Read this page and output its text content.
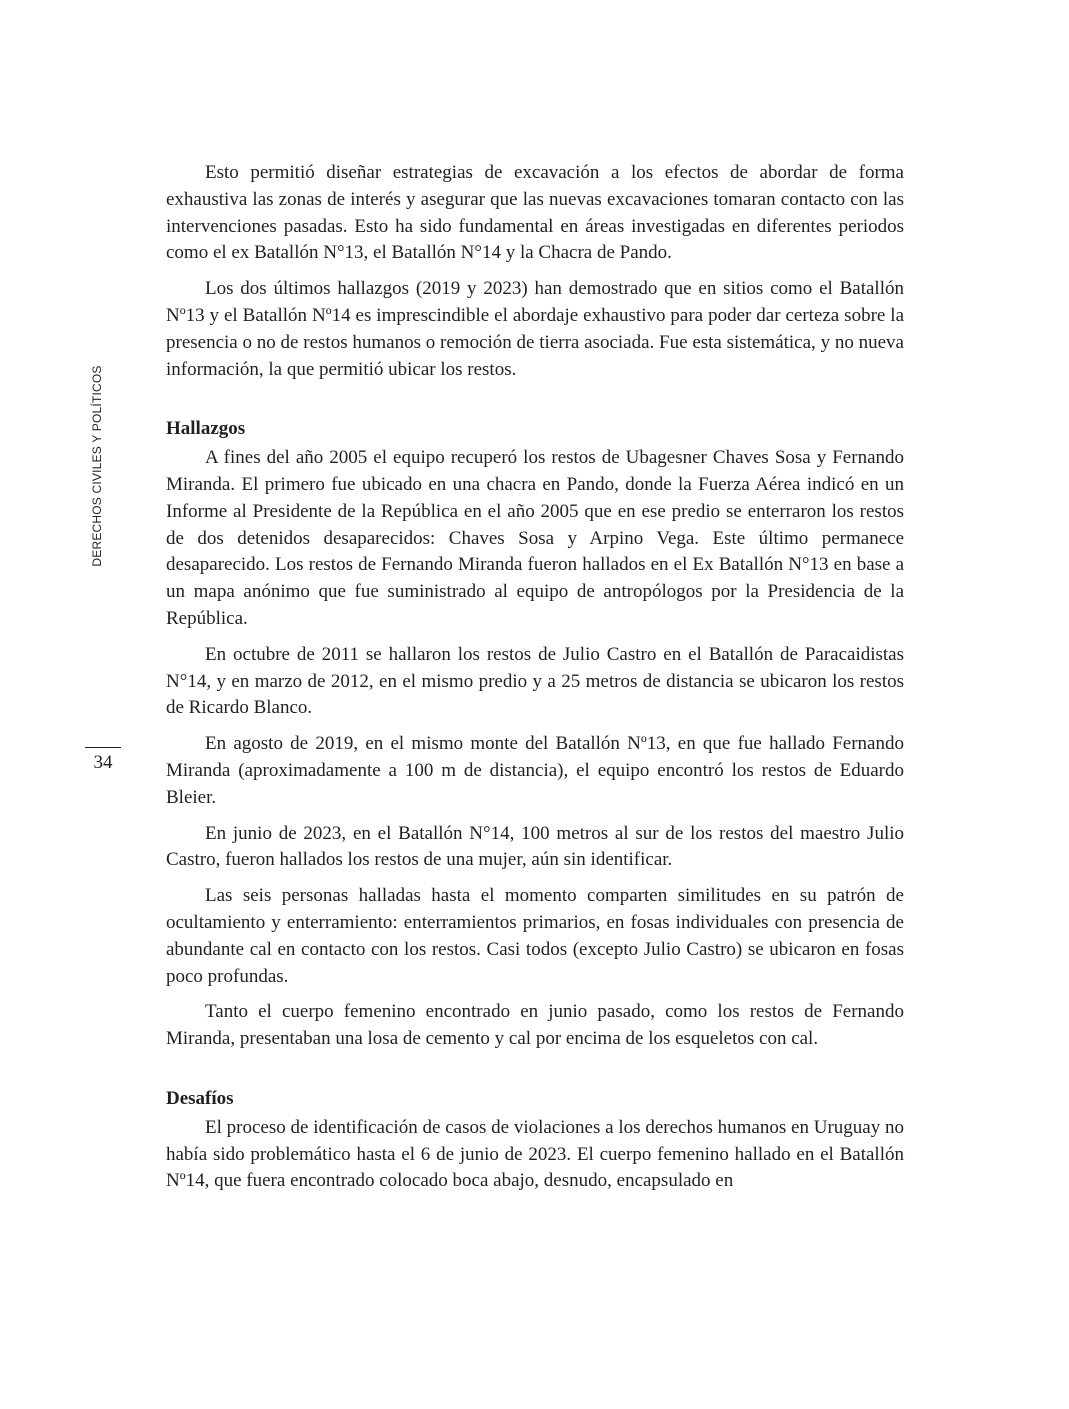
DERECHOS CIVILES Y POLÍTICOS
34

Esto permitió diseñar estrategias de excavación a los efectos de abordar de forma exhaustiva las zonas de interés y asegurar que las nuevas excavaciones tomaran contacto con las intervenciones pasadas. Esto ha sido fundamental en áreas investigadas en diferentes periodos como el ex Batallón N°13, el Batallón N°14 y la Chacra de Pando.

Los dos últimos hallazgos (2019 y 2023) han demostrado que en sitios como el Batallón Nº13 y el Batallón Nº14 es imprescindible el abordaje exhaustivo para poder dar certeza sobre la presencia o no de restos humanos o remoción de tierra asociada. Fue esta sistemática, y no nueva información, la que permitió ubicar los restos.

Hallazgos

A fines del año 2005 el equipo recuperó los restos de Ubagesner Chaves Sosa y Fernando Miranda. El primero fue ubicado en una chacra en Pando, donde la Fuerza Aérea indicó en un Informe al Presidente de la República en el año 2005 que en ese predio se enterraron los restos de dos detenidos desaparecidos: Chaves Sosa y Arpino Vega. Este último permanece desaparecido. Los restos de Fernando Miranda fueron hallados en el Ex Batallón N°13 en base a un mapa anónimo que fue suministrado al equipo de antropólogos por la Presidencia de la República.

En octubre de 2011 se hallaron los restos de Julio Castro en el Batallón de Paracaidistas N°14, y en marzo de 2012, en el mismo predio y a 25 metros de distancia se ubicaron los restos de Ricardo Blanco.

En agosto de 2019, en el mismo monte del Batallón Nº13, en que fue hallado Fernando Miranda (aproximadamente a 100 m de distancia), el equipo encontró los restos de Eduardo Bleier.

En junio de 2023, en el Batallón N°14, 100 metros al sur de los restos del maestro Julio Castro, fueron hallados los restos de una mujer, aún sin identificar.

Las seis personas halladas hasta el momento comparten similitudes en su patrón de ocultamiento y enterramiento: enterramientos primarios, en fosas individuales con presencia de abundante cal en contacto con los restos. Casi todos (excepto Julio Castro) se ubicaron en fosas poco profundas.

Tanto el cuerpo femenino encontrado en junio pasado, como los restos de Fernando Miranda, presentaban una losa de cemento y cal por encima de los esqueletos con cal.

Desafíos

El proceso de identificación de casos de violaciones a los derechos humanos en Uruguay no había sido problemático hasta el 6 de junio de 2023. El cuerpo femenino hallado en el Batallón Nº14, que fuera encontrado colocado boca abajo, desnudo, encapsulado en
